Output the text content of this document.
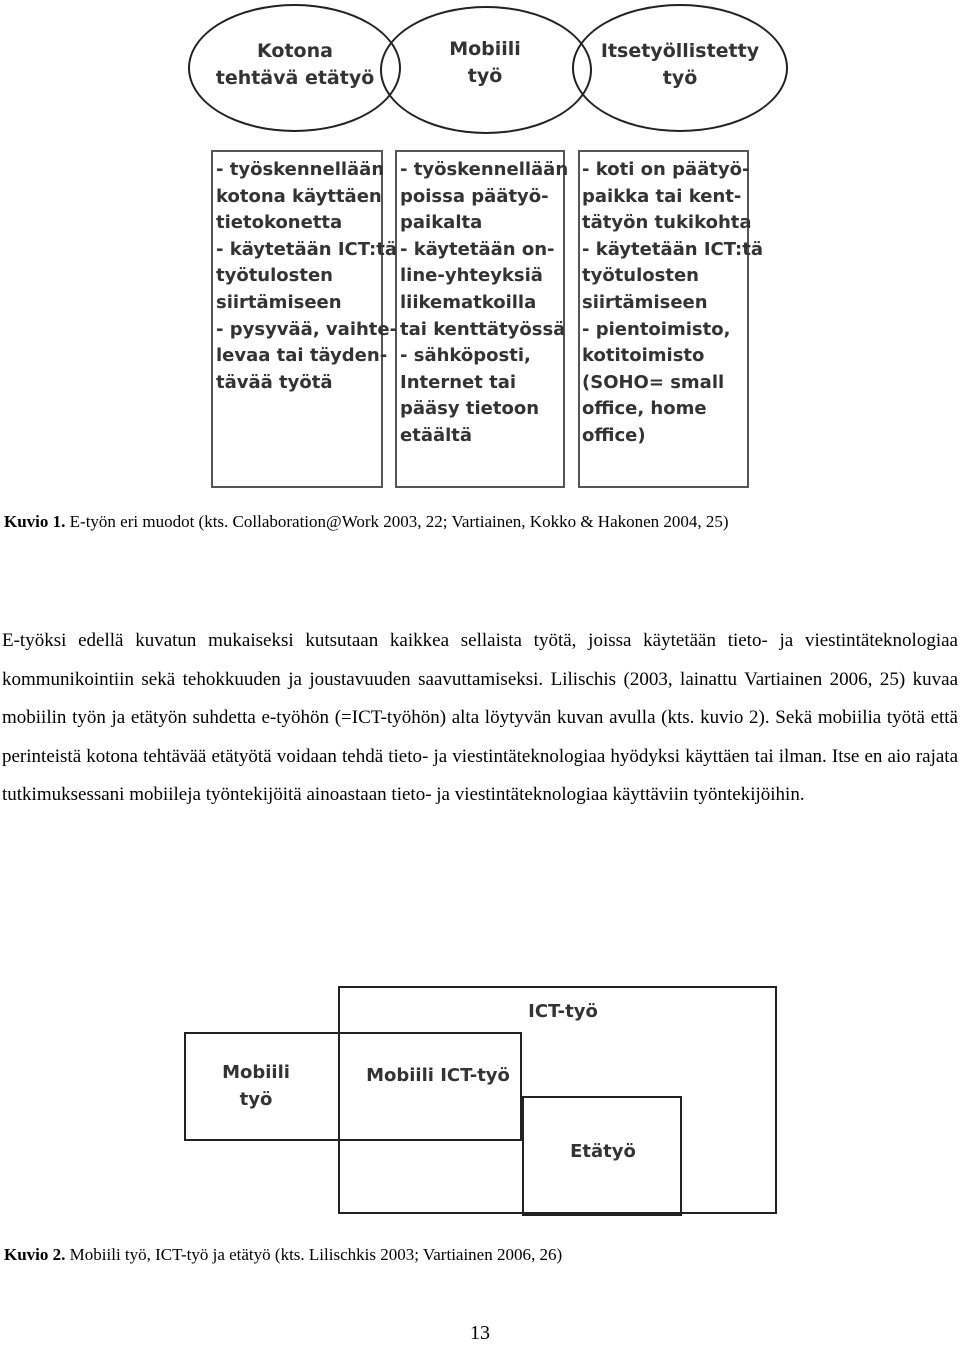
Kotona
tehtävä etätyö
Mobiili
työ
Itsetyöllistetty
työ
- työskennellään
kotona käyttäen
tietokonetta
- käytetään ICT:tä
työtulosten
siirtämiseen
- pysyvää, vaihte-
levaa tai täyden-
tävää työtä
- työskennellään
poissa päätyö-
paikalta
- käytetään on-
line-yhteyksiä
liikematkoilla
tai kenttätyössä
- sähköposti,
Internet tai
pääsy tietoon
etäältä
- koti on päätyö-
paikka tai kent-
tätyön tukikohta
- käytetään ICT:tä
työtulosten
siirtämiseen
- pientoimisto,
kotitoimisto
(SOHO= small
office, home
office)
Kuvio 1. E-työn eri muodot (kts. Collaboration@Work 2003, 22; Vartiainen, Kokko & Hakonen 2004, 25)
E-työksi edellä kuvatun mukaiseksi kutsutaan kaikkea sellaista työtä, joissa käytetään tieto- ja viestintäteknologiaa kommunikointiin sekä tehokkuuden ja joustavuuden saavuttamiseksi. Lilischis (2003, lainattu Vartiainen 2006, 25) kuvaa mobiilin työn ja etätyön suhdetta e-työhön (=ICT-työhön) alta löytyvän kuvan avulla (kts. kuvio 2). Sekä mobiilia työtä että perinteistä kotona tehtävää etätyötä voidaan tehdä tieto- ja viestintäteknologiaa hyödyksi käyttäen tai ilman. Itse en aio rajata tutkimuksessani mobiileja työntekijöitä ainoastaan tieto- ja viestintäteknologiaa käyttäviin työntekijöihin.
ICT-työ
Mobiili
työ
Mobiili ICT-työ
Etätyö
Kuvio 2. Mobiili työ, ICT-työ ja etätyö (kts. Lilischkis 2003; Vartiainen 2006, 26)
13
